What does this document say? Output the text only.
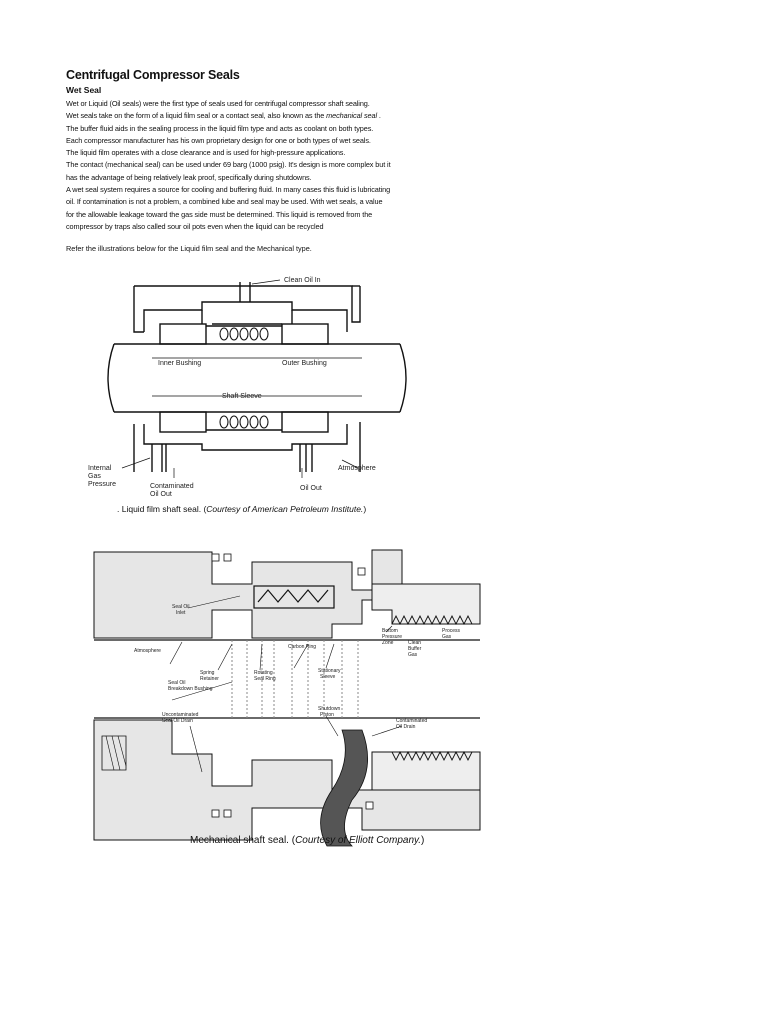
Centrifugal Compressor Seals
Wet Seal
Wet or Liquid (Oil seals) were the first type of seals used for centrifugal compressor shaft sealing.
Wet seals take on the form of a liquid film seal or a contact seal, also known as the mechanical seal .
The buffer fluid aids in the sealing process in the liquid film type and acts as coolant on both types.
Each compressor manufacturer has his own proprietary design for one or both types of wet seals.
The liquid film operates with a close clearance and is used for high-pressure applications.
The contact (mechanical seal) can be used under 69 barg (1000 psig). It's design is more complex but it
has the advantage of being relatively leak proof, specifically during shutdowns.
A wet seal system requires a source for cooling and buffering fluid. In many cases this fluid is lubricating
oil. If contamination is not a problem, a combined lube and seal may be used. With wet seals, a value
for the allowable leakage toward the gas side must be determined. This liquid is removed from the
compressor by traps also called sour oil pots even when the liquid can be recycled
Refer the illustrations below for the Liquid film seal and the Mechanical type.
Clean Oil In
Inner Bushing	Outer Bushing
Shaft Sleeve
Internal
Gas
Pressure	Contaminated
Oil Out
Atmosphere
Oil Out
. Liquid film shaft seal. (Courtesy of American Petroleum Institute.)
Seal Oil
Inlet
Atmosphere
Spring
Retainer
Rotating
Seal Ring
Carbon Ring
Stationary
Sleeve
Bottom
Pressure
Zone	Clean
Buffer
Gas
Process
Gas
Seal Oil
Breakdown Bushing
Uncontaminated
Seal Oil Drain
Shutdown
Piston
Contaminated
Oil Drain
Mechanical shaft seal. (Courtesy of Elliott Company.)
